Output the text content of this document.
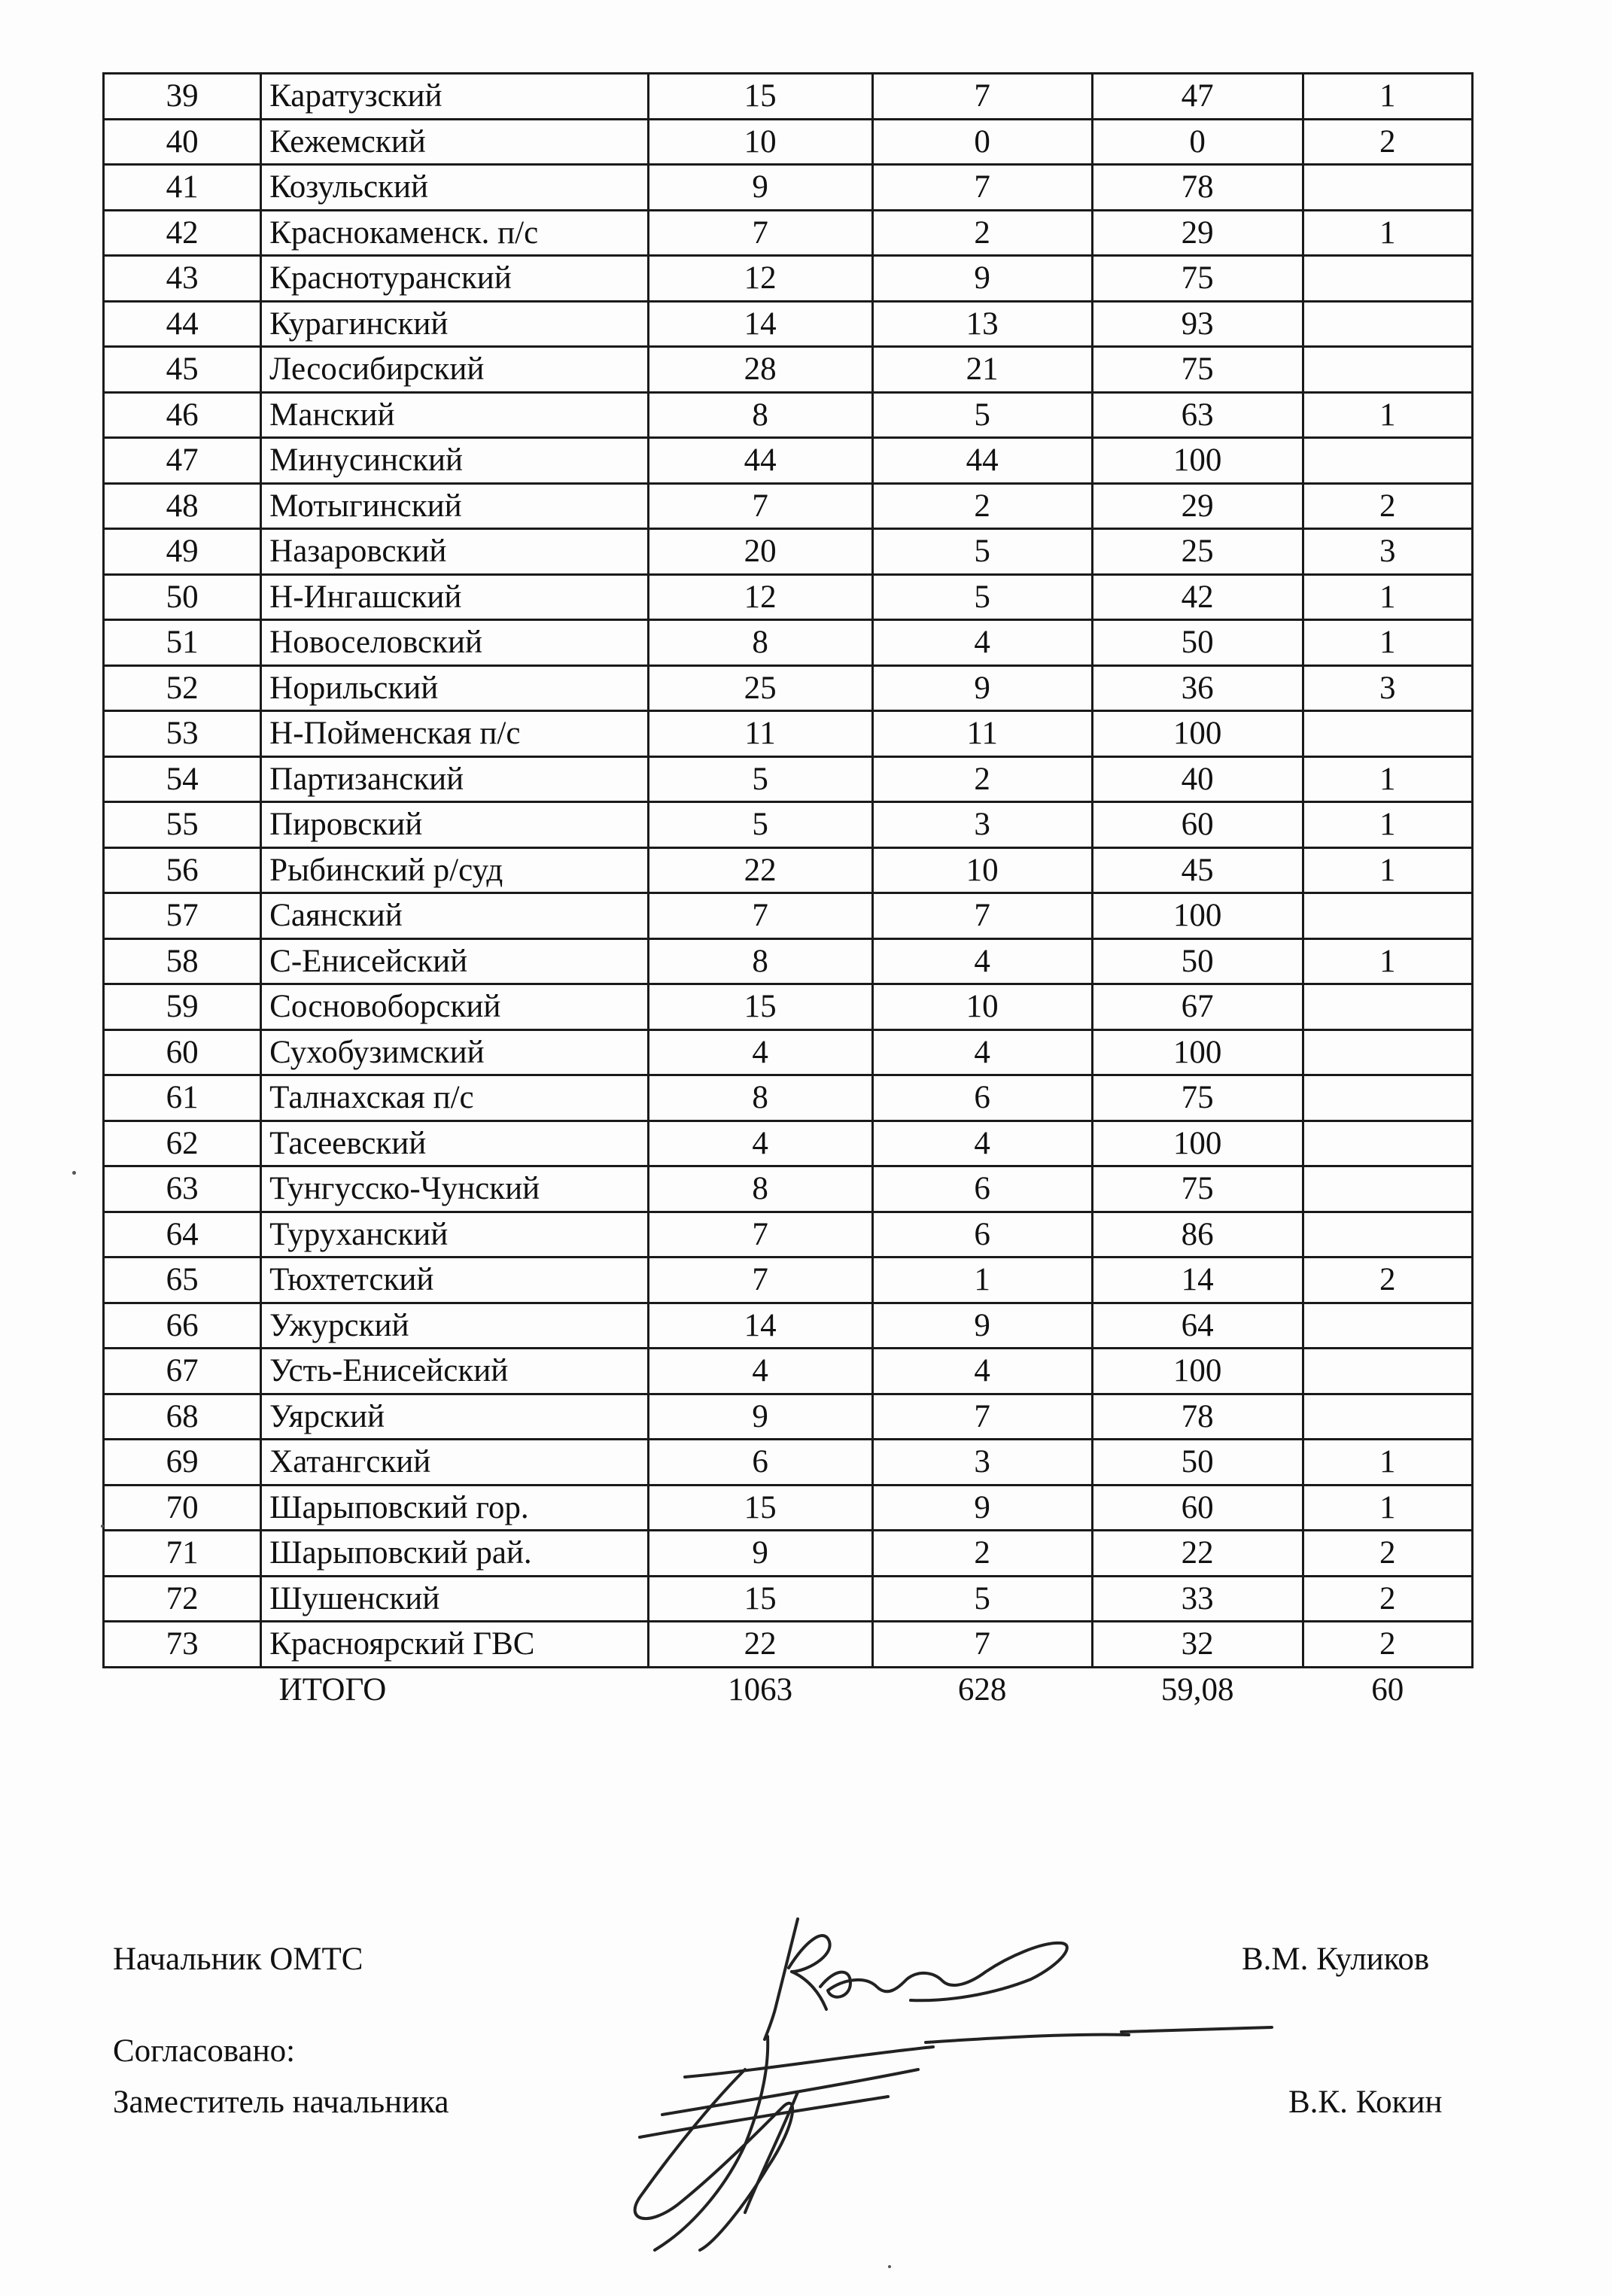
39	Каратузский	15	7	47	1
40	Кежемский	10	0	0	2
41	Козульский	9	7	78	
42	Краснокаменск. п/с	7	2	29	1
43	Краснотуранский	12	9	75	
44	Курагинский	14	13	93	
45	Лесосибирский	28	21	75	
46	Манский	8	5	63	1
47	Минусинский	44	44	100	
48	Мотыгинский	7	2	29	2
49	Назаровский	20	5	25	3
50	Н-Ингашский	12	5	42	1
51	Новоселовский	8	4	50	1
52	Норильский	25	9	36	3
53	Н-Пойменская п/с	11	11	100	
54	Партизанский	5	2	40	1
55	Пировский	5	3	60	1
56	Рыбинский р/суд	22	10	45	1
57	Саянский	7	7	100	
58	С-Енисейский	8	4	50	1
59	Сосновоборский	15	10	67	
60	Сухобузимский	4	4	100	
61	Талнахская п/с	8	6	75	
62	Тасеевский	4	4	100	
63	Тунгусско-Чунский	8	6	75	
64	Туруханский	7	6	86	
65	Тюхтетский	7	1	14	2
66	Ужурский	14	9	64	
67	Усть-Енисейский	4	4	100	
68	Уярский	9	7	78	
69	Хатангский	6	3	50	1
70	Шарыповский гор.	15	9	60	1
71	Шарыповский рай.	9	2	22	2
72	Шушенский	15	5	33	2
73	Красноярский ГВС	22	7	32	2
	ИТОГО	1063	628	59,08	60
Начальник ОМТС	В.М. Куликов
Согласовано:
Заместитель начальника	В.К. Кокин
